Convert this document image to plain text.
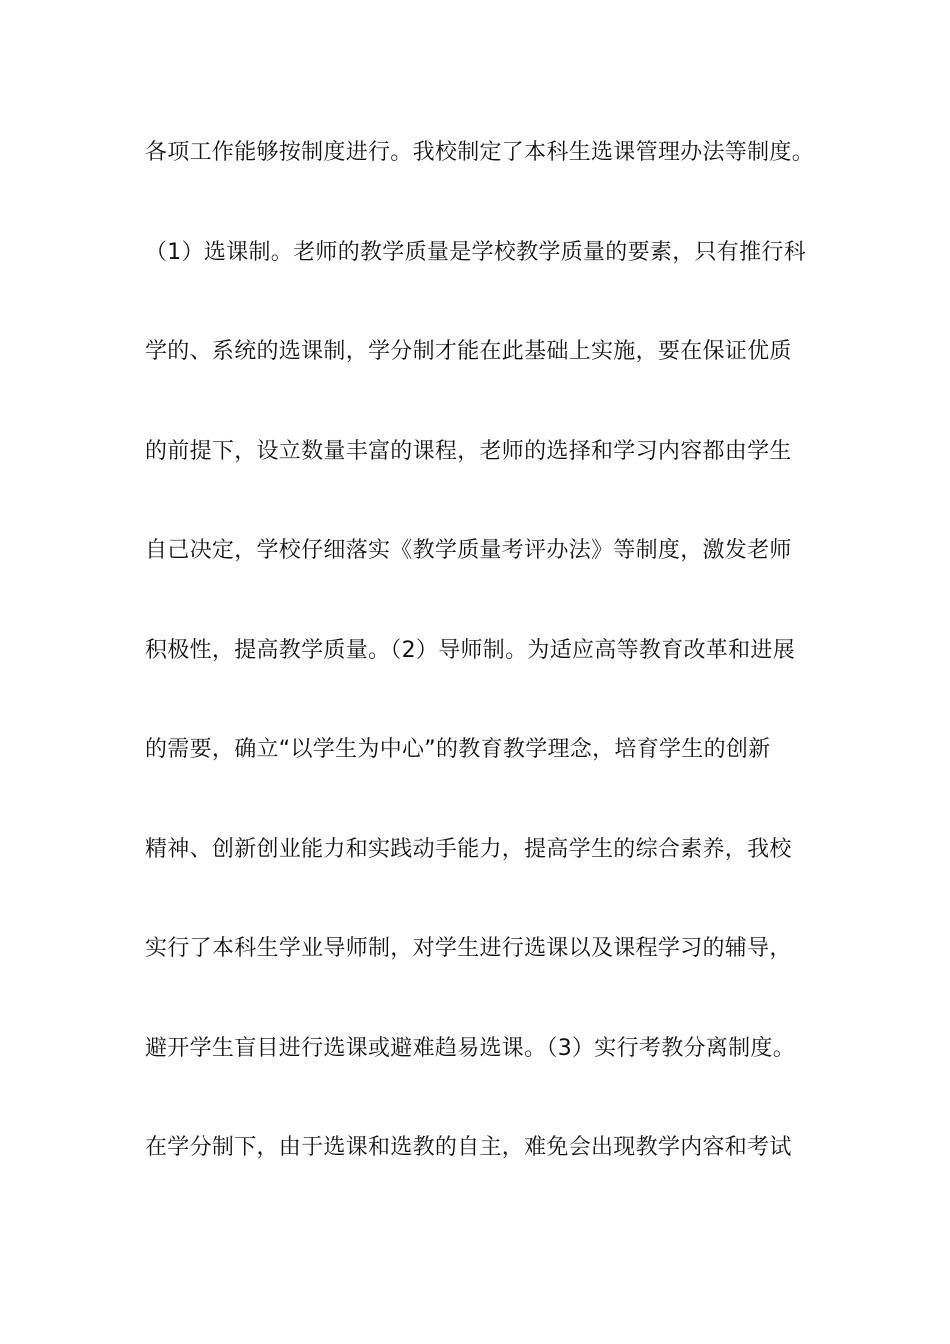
各项工作能够按制度进行。我校制定了本科生选课管理办法等制度。
（1）选课制。老师的教学质量是学校教学质量的要素，只有推行科
学的、系统的选课制，学分制才能在此基础上实施，要在保证优质
的前提下，设立数量丰富的课程，老师的选择和学习内容都由学生
自己决定，学校仔细落实《教学质量考评办法》等制度，激发老师
积极性，提高教学质量。（2）导师制。为适应高等教育改革和进展
的需要，确立“以学生为中心”的教育教学理念，培育学生的创新
精神、创新创业能力和实践动手能力，提高学生的综合素养，我校
实行了本科生学业导师制，对学生进行选课以及课程学习的辅导，
避开学生盲目进行选课或避难趋易选课。（3）实行考教分离制度。
在学分制下，由于选课和选教的自主，难免会出现教学内容和考试
